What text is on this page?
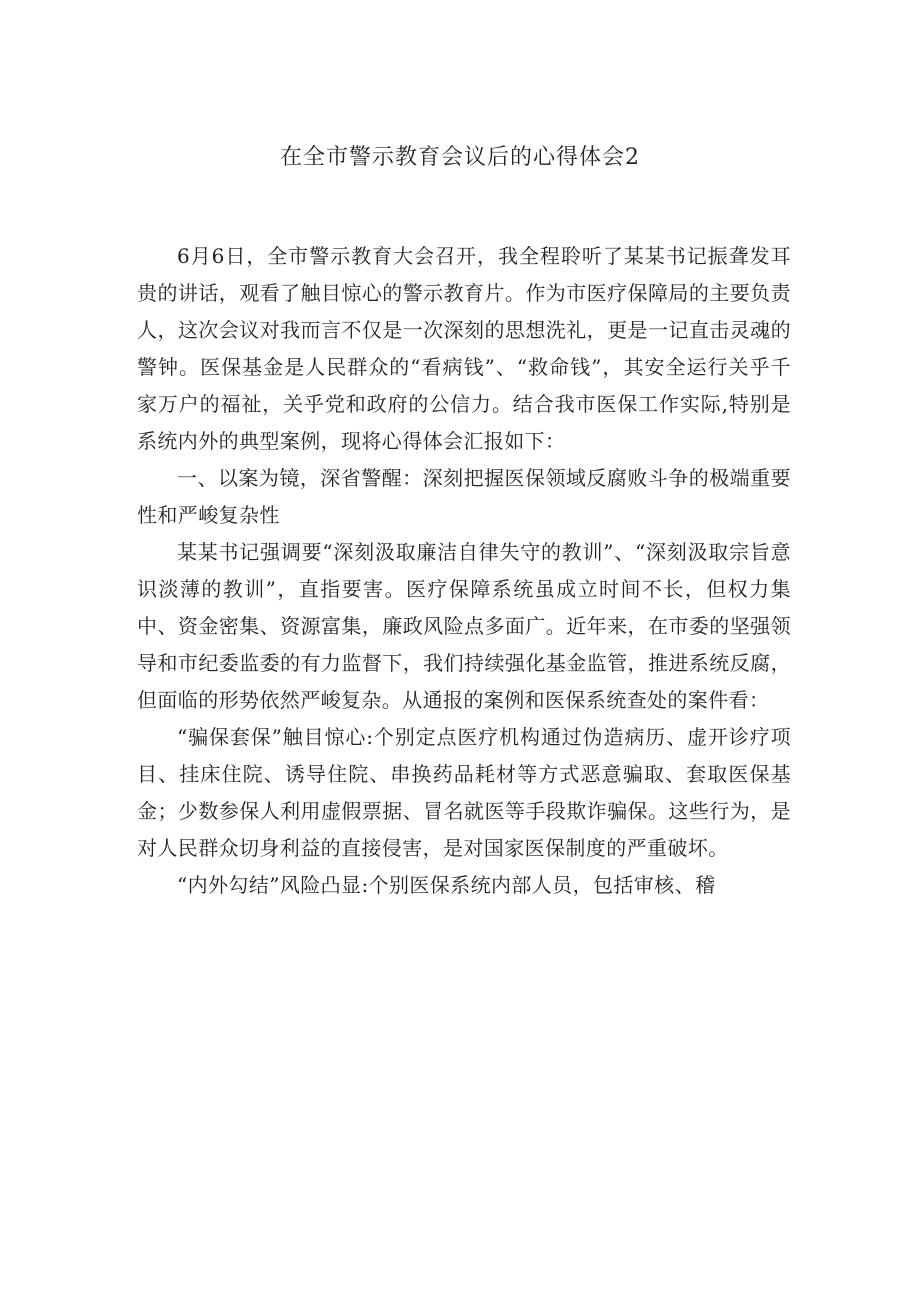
在全市警示教育会议后的心得体会2

6月6日，全市警示教育大会召开，我全程聆听了某某书记振聋发耳贵的讲话，观看了触目惊心的警示教育片。作为市医疗保障局的主要负责人，这次会议对我而言不仅是一次深刻的思想洗礼，更是一记直击灵魂的警钟。医保基金是人民群众的“看病钱”、“救命钱”，其安全运行关乎千家万户的福祉，关乎党和政府的公信力。结合我市医保工作实际,特别是系统内外的典型案例，现将心得体会汇报如下：

一、以案为镜，深省警醒：深刻把握医保领域反腐败斗争的极端重要性和严峻复杂性

某某书记强调要“深刻汲取廉洁自律失守的教训”、“深刻汲取宗旨意识淡薄的教训”，直指要害。医疗保障系统虽成立时间不长，但权力集中、资金密集、资源富集，廉政风险点多面广。近年来，在市委的坚强领导和市纪委监委的有力监督下，我们持续强化基金监管，推进系统反腐，但面临的形势依然严峻复杂。从通报的案例和医保系统查处的案件看：

“骗保套保”触目惊心:个别定点医疗机构通过伪造病历、虚开诊疗项目、挂床住院、诱导住院、串换药品耗材等方式恶意骗取、套取医保基金；少数参保人利用虚假票据、冒名就医等手段欺诈骗保。这些行为，是对人民群众切身利益的直接侵害，是对国家医保制度的严重破坏。

“内外勾结”风险凸显:个别医保系统内部人员，包括审核、稽
